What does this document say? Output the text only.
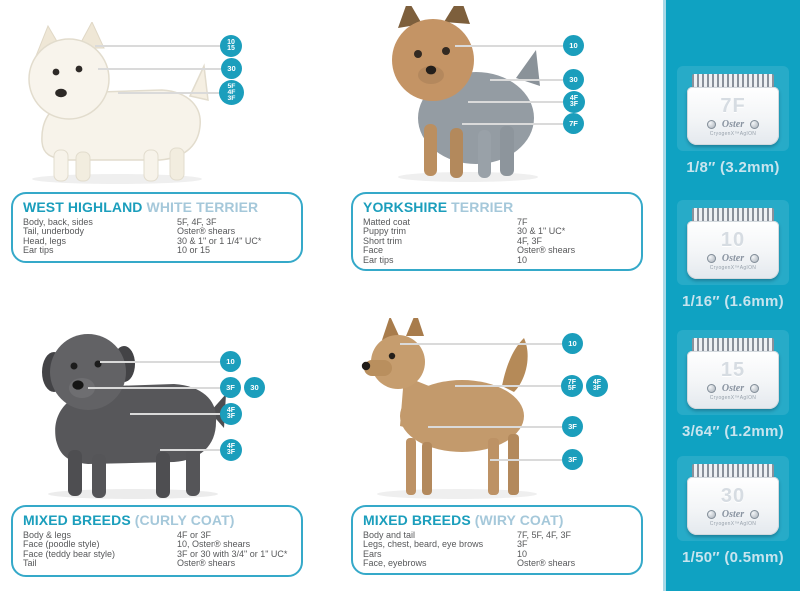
10
15
30
5F
4F
3F
WEST HIGHLAND WHITE TERRIER
Body, back, sides	5F, 4F, 3F
Tail, underbody	Oster® shears
Head, legs	30 & 1" or 1 1/4" UC*
Ear tips	10 or 15
10
30
4F
3F
7F
YORKSHIRE TERRIER
Matted coat	7F
Puppy trim	30 & 1" UC*
Short trim	4F, 3F
Face	Oster® shears
Ear tips	10
10
3F 30
4F
3F
4F
3F
MIXED BREEDS (CURLY COAT)
Body & legs	4F or 3F
Face (poodle style)	10, Oster® shears
Face (teddy bear style)	3F or 30 with 3/4" or 1" UC*
Tail	Oster® shears
10
7F
5F
4F
3F
3F
3F
MIXED BREEDS (WIRY COAT)
Body and tail	7F, 5F, 4F, 3F
Legs, chest, beard, eye brows	3F
Ears	10
Face, eyebrows	Oster® shears
7F
Oster
CryogenX™AgION
1/8″ (3.2mm)
10
Oster
CryogenX™AgION
1/16″ (1.6mm)
15
Oster
CryogenX™AgION
3/64″ (1.2mm)
30
Oster
CryogenX™AgION
1/50″ (0.5mm)
